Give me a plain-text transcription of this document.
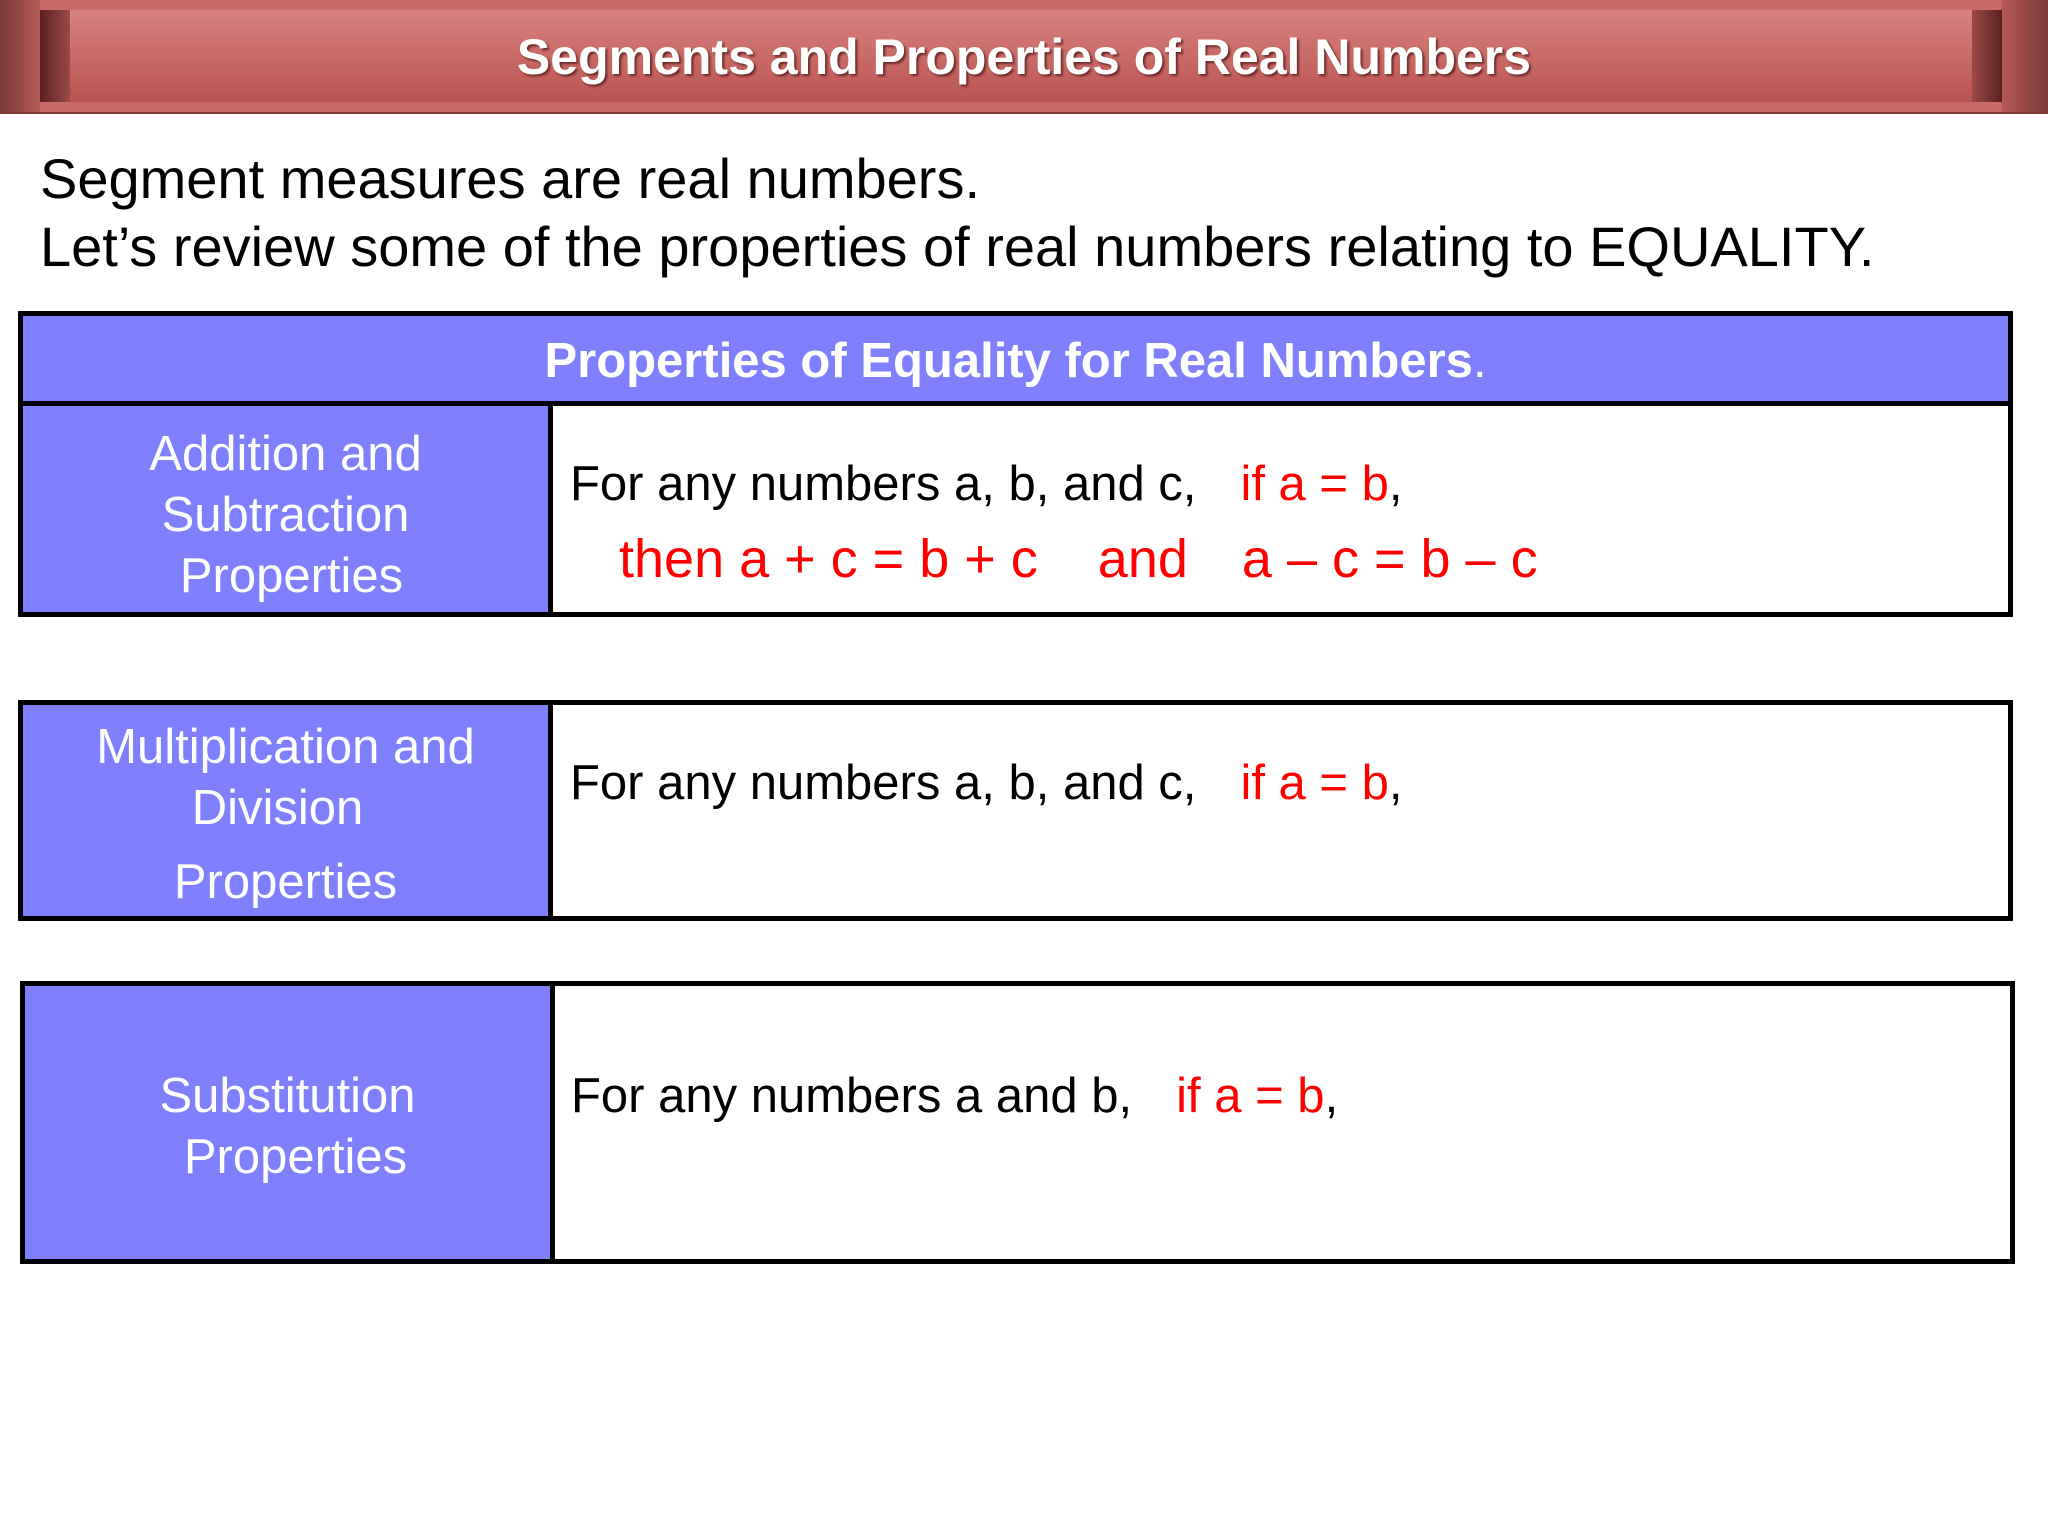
Segments and Properties of Real Numbers
Segment measures are real numbers.
Let’s review some of the properties of real numbers relating to EQUALITY.
Properties of Equality for Real Numbers.
Addition and
Subtraction
Properties
For any numbers a, b, and c, if a = b,
then a + c = b + c and a – c = b – c
Multiplication and
Division
Properties
For any numbers a, b, and c, if a = b,
Substitution
Properties
For any numbers a and b, if a = b,
